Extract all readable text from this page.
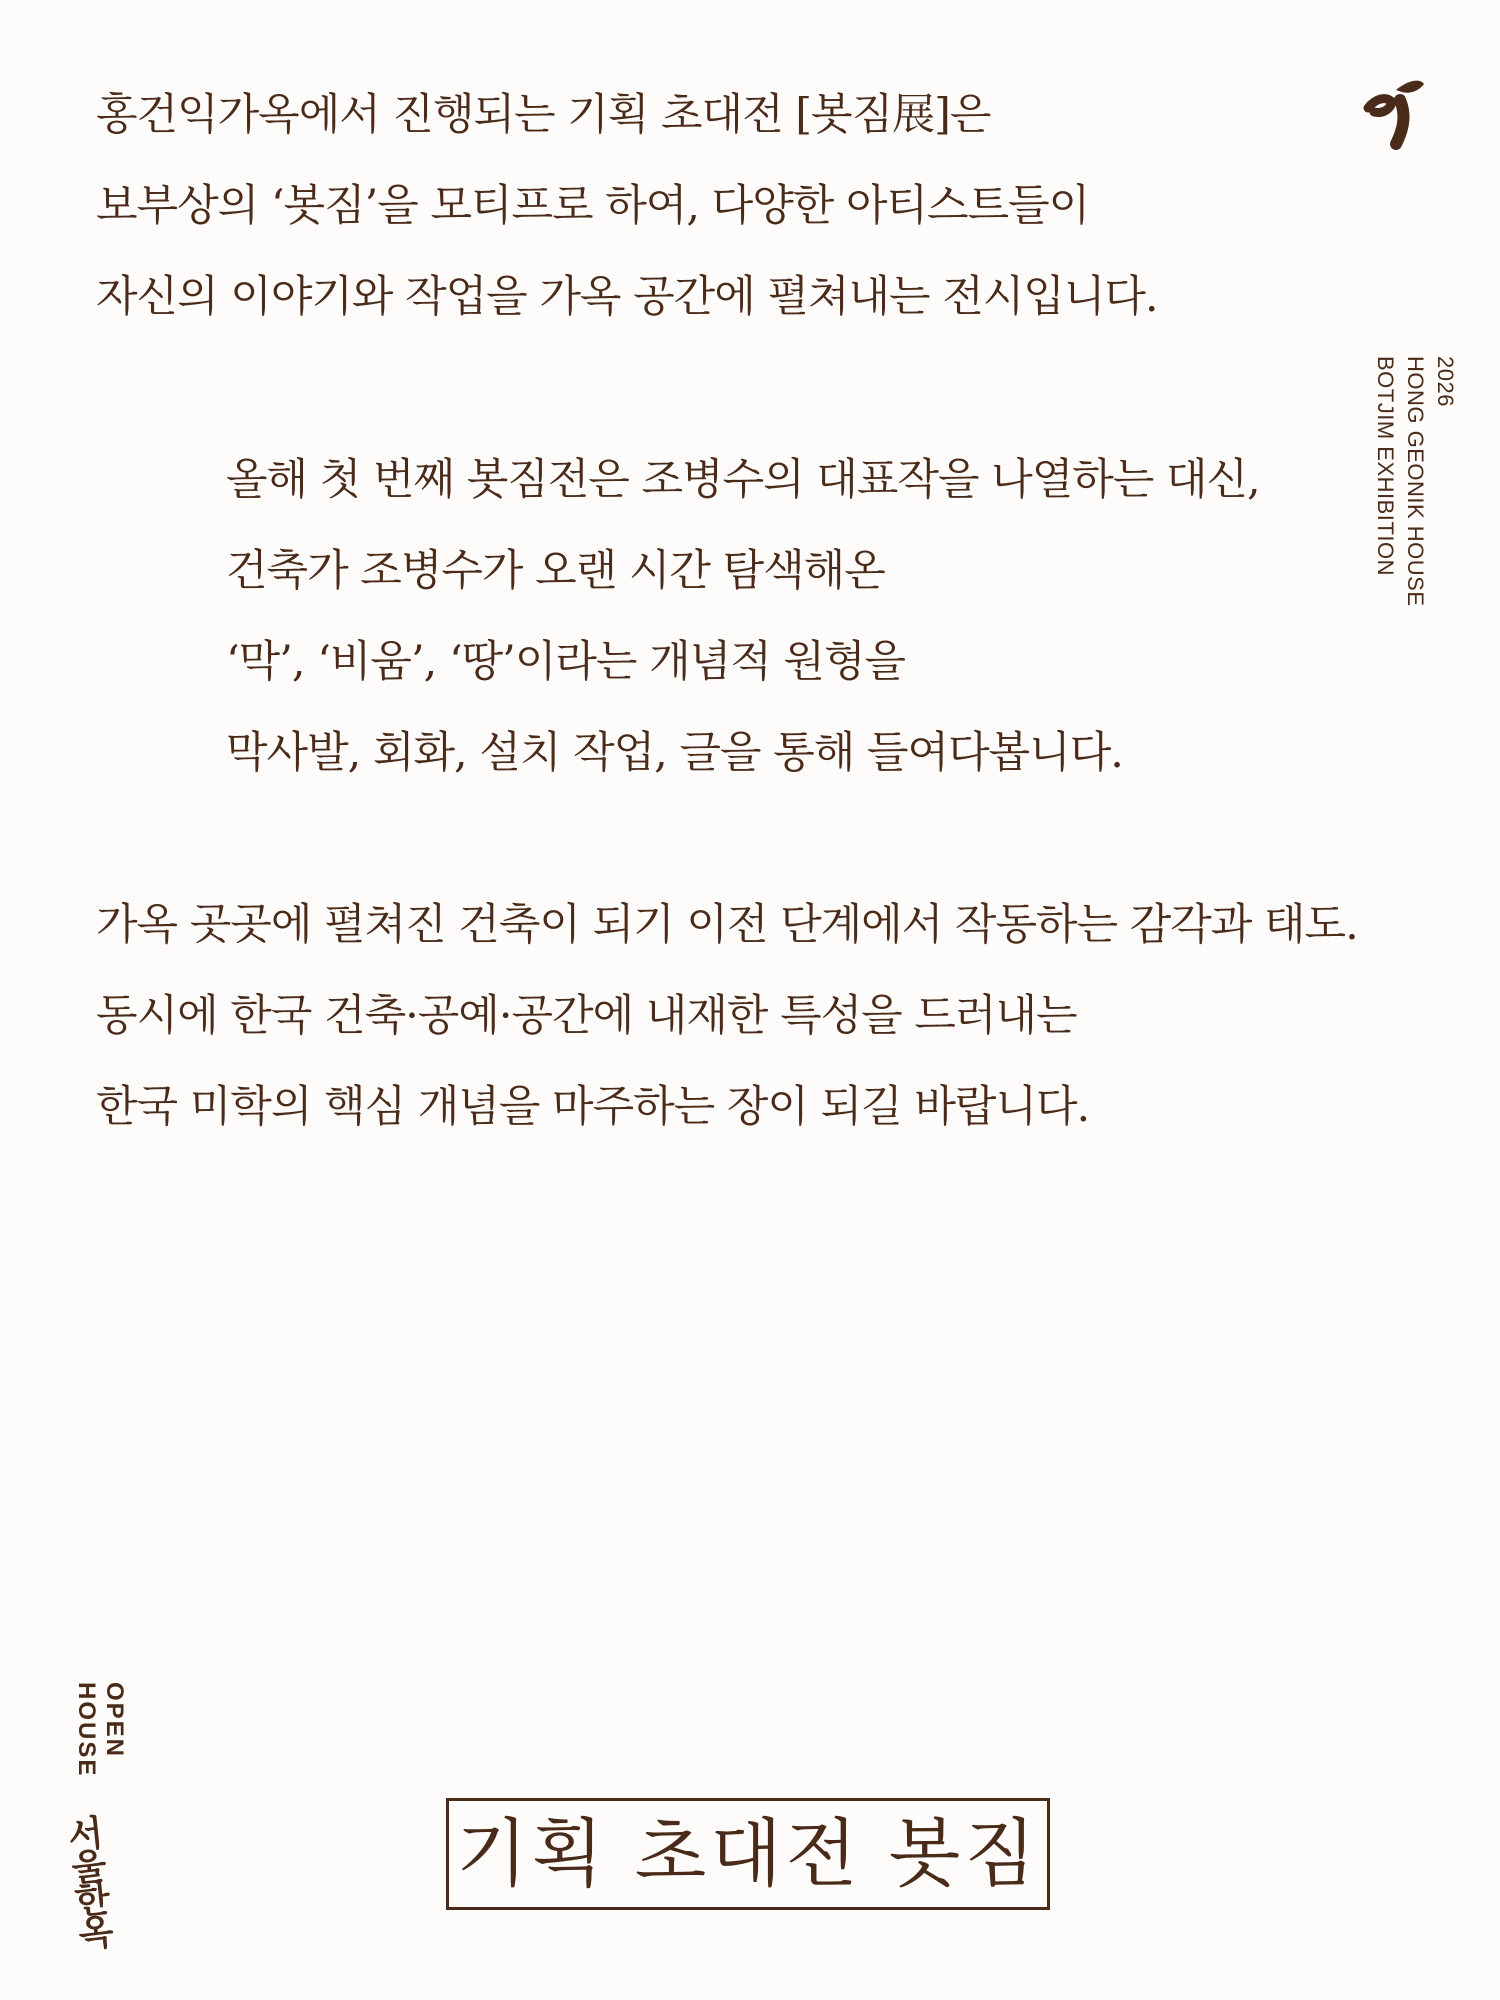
홍건익가옥에서 진행되는 기획 초대전 [봇짐展]은
보부상의 ‘봇짐’을 모티프로 하여, 다양한 아티스트들이
자신의 이야기와 작업을 가옥 공간에 펼쳐내는 전시입니다.
올해 첫 번째 봇짐전은 조병수의 대표작을 나열하는 대신,
건축가 조병수가 오랜 시간 탐색해온
‘막’, ‘비움’, ‘땅’이라는 개념적 원형을
막사발, 회화, 설치 작업, 글을 통해 들여다봅니다.
가옥 곳곳에 펼쳐진 건축이 되기 이전 단계에서 작동하는 감각과 태도.
동시에 한국 건축·공예·공간에 내재한 특성을 드러내는
한국 미학의 핵심 개념을 마주하는 장이 되길 바랍니다.
2026
HONG GEONIK HOUSE
BOTJIM EXHIBITION
OPEN
HOUSE
서울한옥	기획 초대전 봇짐
